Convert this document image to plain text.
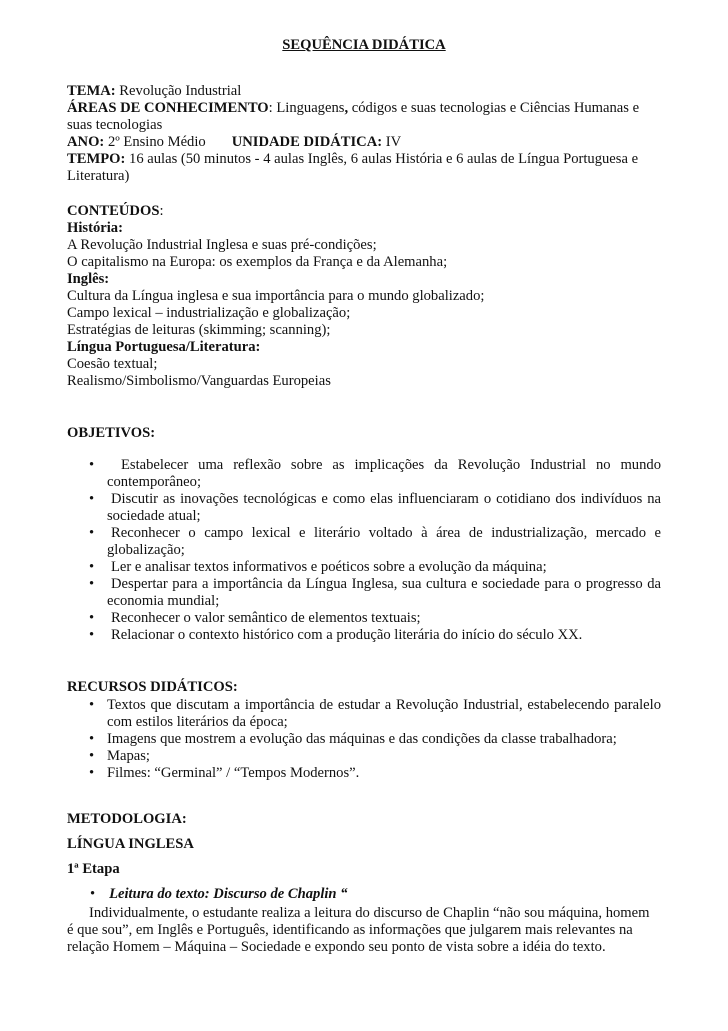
SEQUÊNCIA DIDÁTICA
TEMA: Revolução Industrial
ÁREAS DE CONHECIMENTO: Linguagens, códigos e suas tecnologias e Ciências Humanas e
suas tecnologias
ANO: 2º Ensino Médio UNIDADE DIDÁTICA: IV
TEMPO: 16 aulas (50 minutos - 4 aulas Inglês, 6 aulas História e 6 aulas de Língua Portuguesa e
Literatura)
CONTEÚDOS:
História:
A Revolução Industrial Inglesa e suas pré-condições;
O capitalismo na Europa: os exemplos da França e da Alemanha;
Inglês:
Cultura da Língua inglesa e sua importância para o mundo globalizado;
Campo lexical – industrialização e globalização;
Estratégias de leituras (skimming; scanning);
Língua Portuguesa/Literatura:
Coesão textual;
Realismo/Simbolismo/Vanguardas Europeias
OBJETIVOS:
• Estabelecer uma reflexão sobre as implicações da Revolução Industrial no mundo contemporâneo;
• Discutir as inovações tecnológicas e como elas influenciaram o cotidiano dos indivíduos na sociedade atual;
• Reconhecer o campo lexical e literário voltado à área de industrialização, mercado e globalização;
• Ler e analisar textos informativos e poéticos sobre a evolução da máquina;
• Despertar para a importância da Língua Inglesa, sua cultura e sociedade para o progresso da economia mundial;
• Reconhecer o valor semântico de elementos textuais;
• Relacionar o contexto histórico com a produção literária do início do século XX.
RECURSOS DIDÁTICOS:
• Textos que discutam a importância de estudar a Revolução Industrial, estabelecendo paralelo com estilos literários da época;
• Imagens que mostrem a evolução das máquinas e das condições da classe trabalhadora;
• Mapas;
• Filmes: “Germinal” / “Tempos Modernos”.
METODOLOGIA:
LÍNGUA INGLESA
1ª Etapa
• Leitura do texto: Discurso de Chaplin “
Individualmente, o estudante realiza a leitura do discurso de Chaplin “não sou máquina, homem
é que sou”, em Inglês e Português, identificando as informações que julgarem mais relevantes na
relação Homem – Máquina – Sociedade e expondo seu ponto de vista sobre a idéia do texto.
